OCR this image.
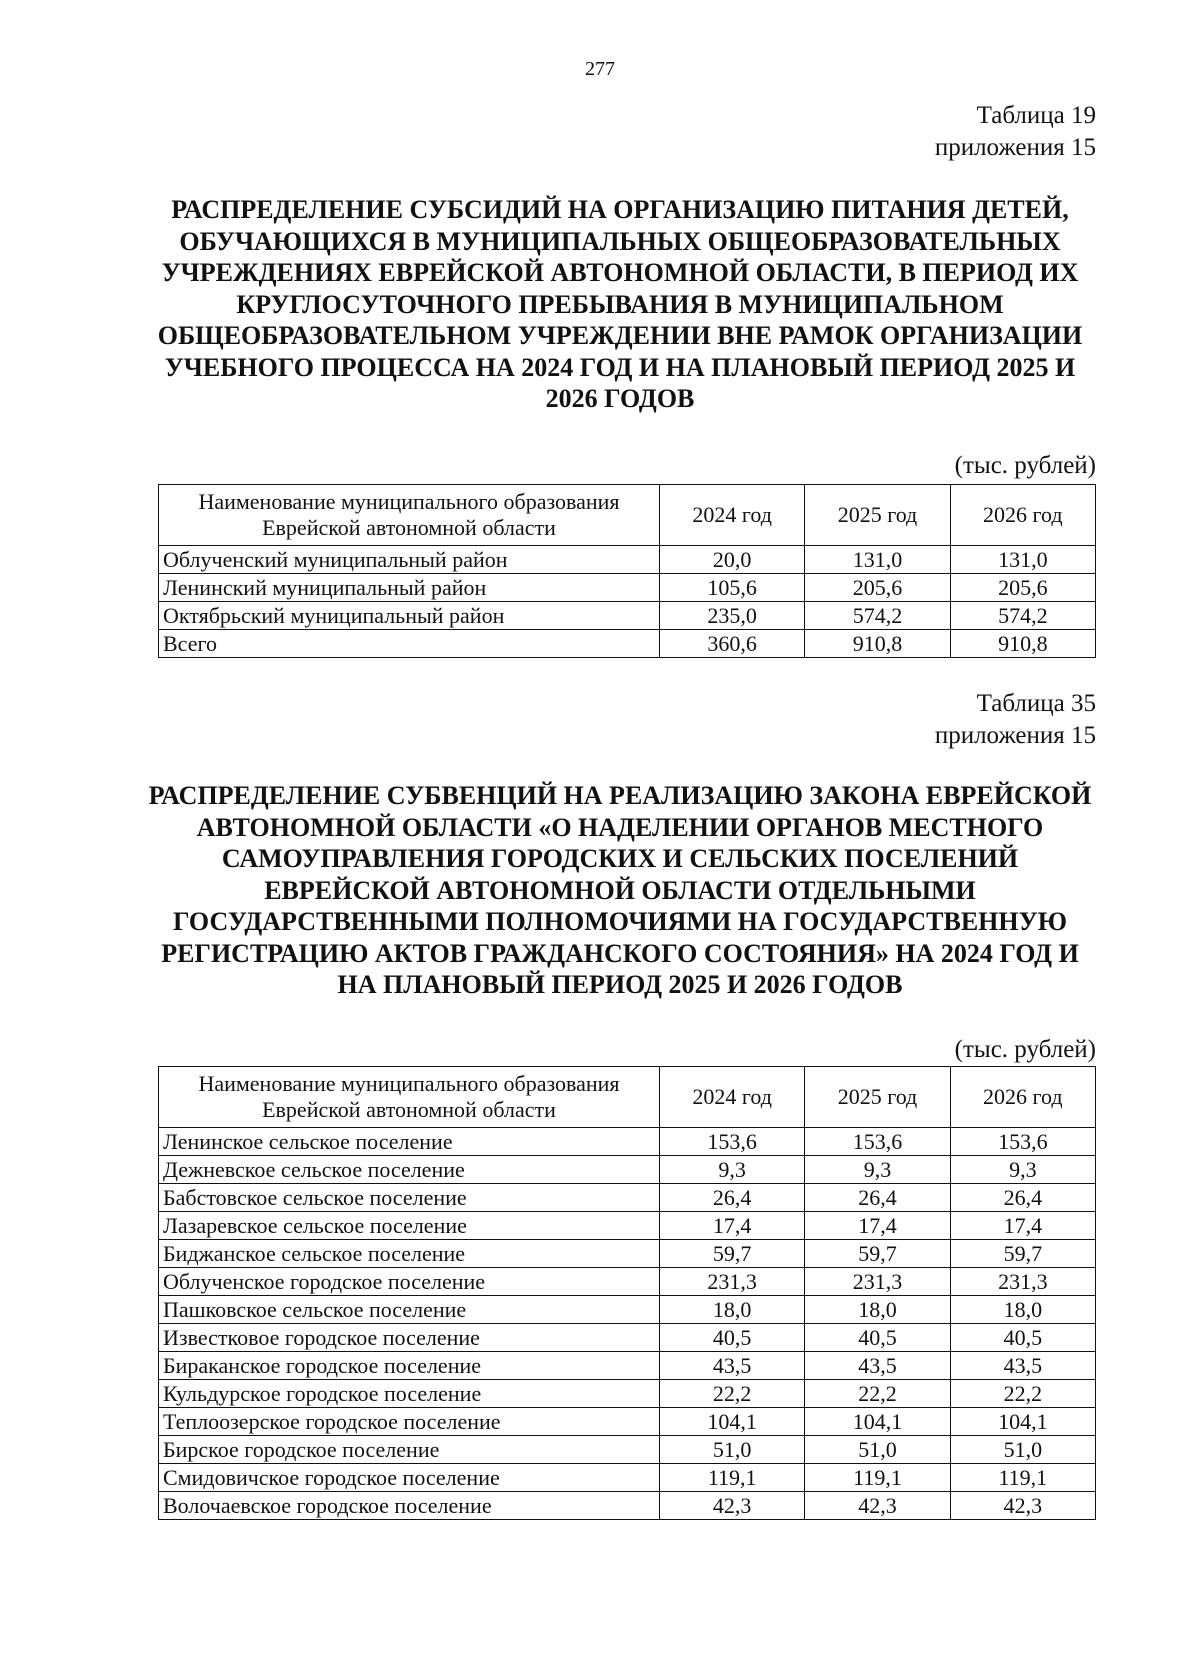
277
Таблица 19
приложения 15
РАСПРЕДЕЛЕНИЕ СУБСИДИЙ НА ОРГАНИЗАЦИЮ ПИТАНИЯ ДЕТЕЙ, ОБУЧАЮЩИХСЯ В МУНИЦИПАЛЬНЫХ ОБЩЕОБРАЗОВАТЕЛЬНЫХ УЧРЕЖДЕНИЯХ ЕВРЕЙСКОЙ АВТОНОМНОЙ ОБЛАСТИ, В ПЕРИОД ИХ КРУГЛОСУТОЧНОГО ПРЕБЫВАНИЯ В МУНИЦИПАЛЬНОМ ОБЩЕОБРАЗОВАТЕЛЬНОМ УЧРЕЖДЕНИИ ВНЕ РАМОК ОРГАНИЗАЦИИ УЧЕБНОГО ПРОЦЕССА НА 2024 ГОД И НА ПЛАНОВЫЙ ПЕРИОД 2025 И 2026 ГОДОВ
(тыс. рублей)
Наименование муниципального образования Еврейской автономной области	2024 год	2025 год	2026 год
Облученский муниципальный район	20,0	131,0	131,0
Ленинский муниципальный район	105,6	205,6	205,6
Октябрьский муниципальный район	235,0	574,2	574,2
Всего	360,6	910,8	910,8
Таблица 35
приложения 15
РАСПРЕДЕЛЕНИЕ СУБВЕНЦИЙ НА РЕАЛИЗАЦИЮ ЗАКОНА ЕВРЕЙСКОЙ АВТОНОМНОЙ ОБЛАСТИ «О НАДЕЛЕНИИ ОРГАНОВ МЕСТНОГО САМОУПРАВЛЕНИЯ ГОРОДСКИХ И СЕЛЬСКИХ ПОСЕЛЕНИЙ ЕВРЕЙСКОЙ АВТОНОМНОЙ ОБЛАСТИ ОТДЕЛЬНЫМИ ГОСУДАРСТВЕННЫМИ ПОЛНОМОЧИЯМИ НА ГОСУДАРСТВЕННУЮ РЕГИСТРАЦИЮ АКТОВ ГРАЖДАНСКОГО СОСТОЯНИЯ» НА 2024 ГОД И НА ПЛАНОВЫЙ ПЕРИОД 2025 И 2026 ГОДОВ
(тыс. рублей)
Наименование муниципального образования Еврейской автономной области	2024 год	2025 год	2026 год
Ленинское сельское поселение	153,6	153,6	153,6
Дежневское сельское поселение	9,3	9,3	9,3
Бабстовское сельское поселение	26,4	26,4	26,4
Лазаревское сельское поселение	17,4	17,4	17,4
Биджанское сельское поселение	59,7	59,7	59,7
Облученское городское поселение	231,3	231,3	231,3
Пашковское сельское поселение	18,0	18,0	18,0
Известковое городское поселение	40,5	40,5	40,5
Бираканское городское поселение	43,5	43,5	43,5
Кульдурское городское поселение	22,2	22,2	22,2
Теплоозерское городское поселение	104,1	104,1	104,1
Бирское городское поселение	51,0	51,0	51,0
Смидовичское городское поселение	119,1	119,1	119,1
Волочаевское городское поселение	42,3	42,3	42,3
